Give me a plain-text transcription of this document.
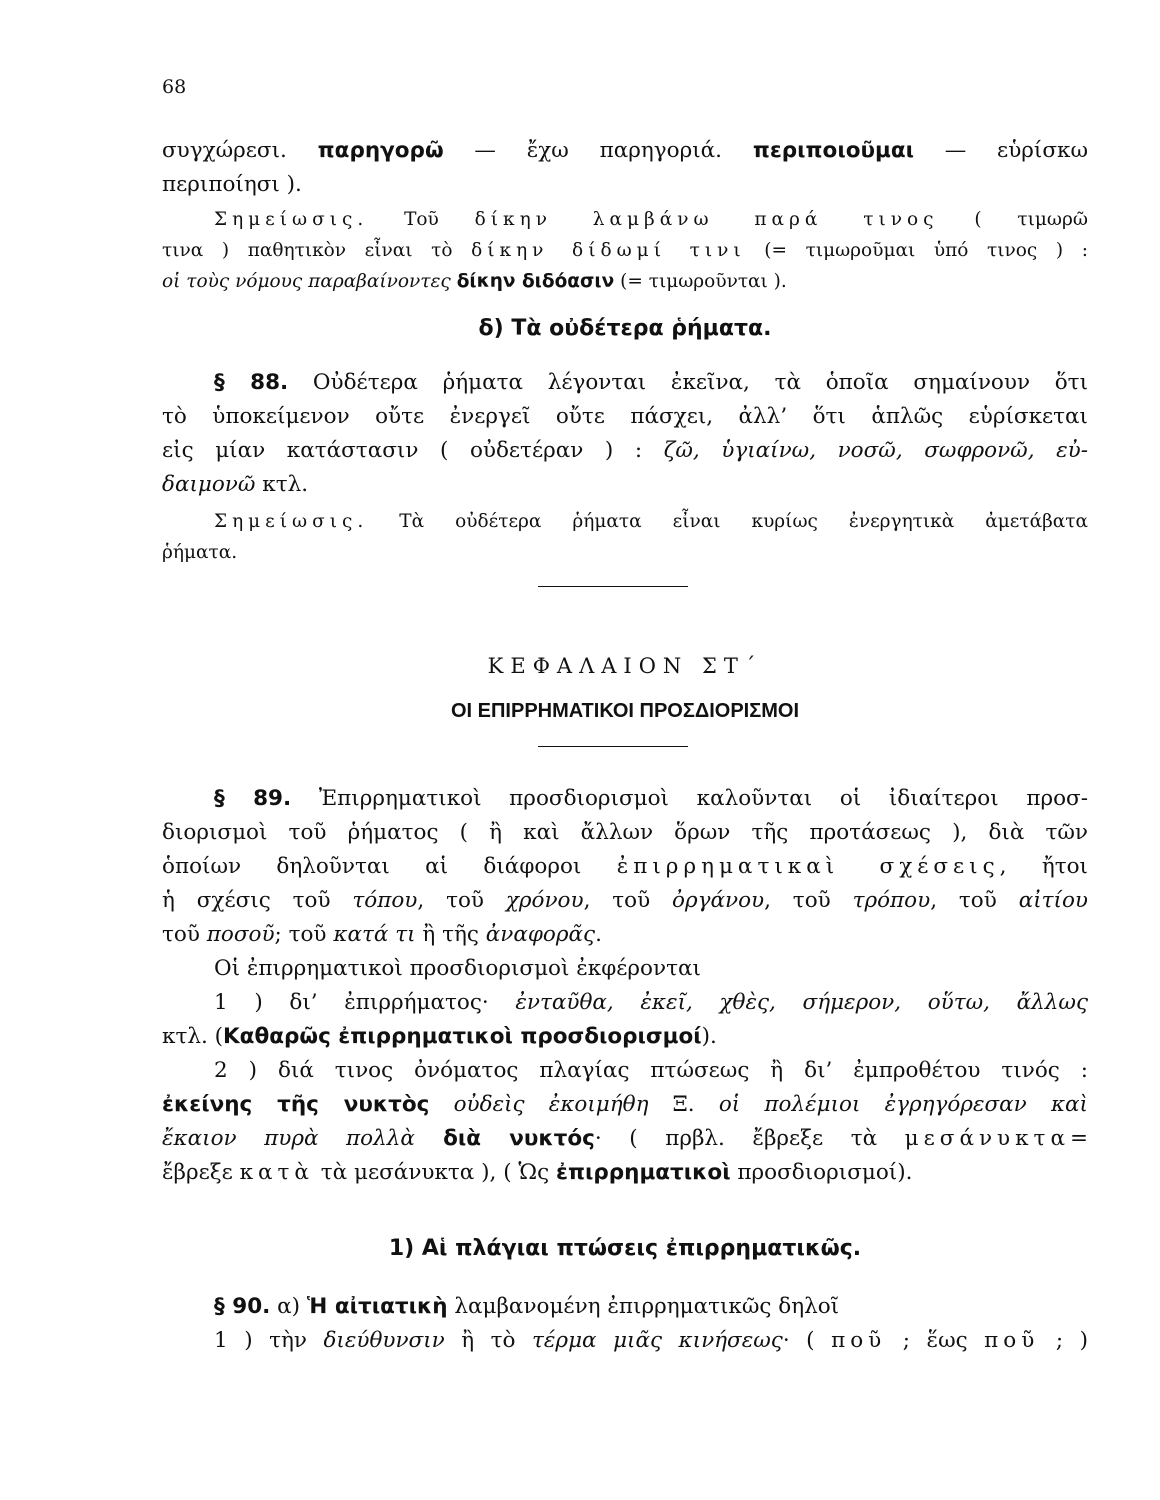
68
συγχώρεσι. παρηγορῶ — ἔχω παρηγοριά. περιποιοῦμαι — εὑρίσκω
περιποίησι ).
Σημείωσις. Τοῦ δίκην λαμβάνω παρά τινος ( τιμωρῶ
τινα ) παθητικὸν εἶναι τὸ δίκην δίδωμί τινι (= τιμωροῦμαι ὑπό τινος ) :
οἱ τοὺς νόμους παραβαίνοντες δίκην διδόασιν (= τιμωροῦνται ).
δ) Τὰ οὐδέτερα ῥήματα.
§ 88. Οὐδέτερα ῥήματα λέγονται ἐκεῖνα, τὰ ὁποῖα σημαίνουν ὅτι
τὸ ὑποκείμενον οὔτε ἐνεργεῖ οὔτε πάσχει, ἀλλ’ ὅτι ἁπλῶς εὑρίσκεται
εἰς μίαν κατάστασιν ( οὐδετέραν ) : ζῶ, ὑγιαίνω, νοσῶ, σωφρονῶ, εὐ-
δαιμονῶ κτλ.
Σημείωσις. Τὰ οὐδέτερα ῥήματα εἶναι κυρίως ἐνεργητικὰ ἀμετάβατα
ῥήματα.
ΚΕΦΑΛΑΙΟΝ ΣΤ΄
ΟΙ ΕΠΙΡΡΗΜΑΤΙΚΟΙ ΠΡΟΣΔΙΟΡΙΣΜΟΙ
§ 89. Ἐπιρρηματικοὶ προσδιορισμοὶ καλοῦνται οἱ ἰδιαίτεροι προσ-
διορισμοὶ τοῦ ῥήματος ( ἢ καὶ ἄλλων ὅρων τῆς προτάσεως ), διὰ τῶν
ὁποίων δηλοῦνται αἱ διάφοροι ἐπιρρηματικαὶ σχέσεις, ἤτοι
ἡ σχέσις τοῦ τόπου, τοῦ χρόνου, τοῦ ὀργάνου, τοῦ τρόπου, τοῦ αἰτίου
τοῦ ποσοῦ; τοῦ κατά τι ἢ τῆς ἀναφορᾶς.
Οἱ ἐπιρρηματικοὶ προσδιορισμοὶ ἐκφέρονται
1 ) δι’ ἐπιρρήματος· ἐνταῦθα, ἐκεῖ, χθὲς, σήμερον, οὕτω, ἄλλως
κτλ. (Καθαρῶς ἐπιρρηματικοὶ προσδιορισμοί).
2 ) διά τινος ὀνόματος πλαγίας πτώσεως ἢ δι’ ἐμπροθέτου τινός :
ἐκείνης τῆς νυκτὸς οὐδεὶς ἐκοιμήθη Ξ. οἱ πολέμιοι ἐγρηγόρεσαν καὶ
ἔκαιον πυρὰ πολλὰ διὰ νυκτός· ( πρβλ. ἔβρεξε τὰ μεσάνυκτα=
ἔβρεξε κατὰ τὰ μεσάνυκτα ), ( Ὡς ἐπιρρηματικοὶ προσδιορισμοί).
1) Αἱ πλάγιαι πτώσεις ἐπιρρηματικῶς.
§ 90. α) Ἡ αἰτιατικὴ λαμβανομένη ἐπιρρηματικῶς δηλοῖ
1 ) τὴν διεύθυνσιν ἢ τὸ τέρμα μιᾶς κινήσεως· ( ποῦ ; ἕως ποῦ ; )
